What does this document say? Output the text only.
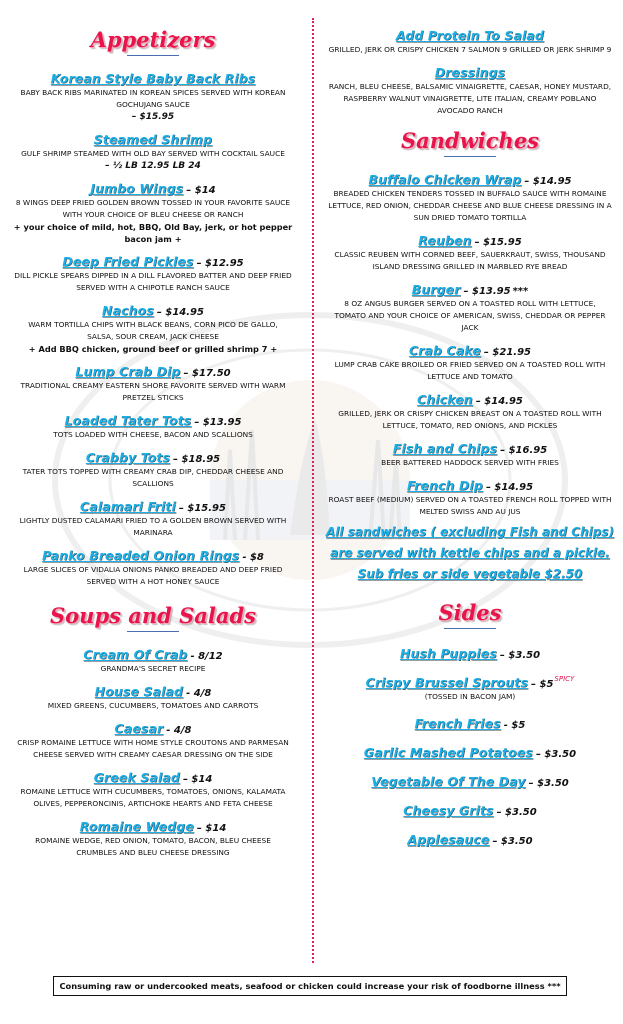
Appetizers
Korean Style Baby Back Ribs
BABY BACK RIBS MARINATED IN KOREAN SPICES SERVED WITH KOREAN GOCHUJANG SAUCE
– $15.95
Steamed Shrimp
GULF SHRIMP STEAMED WITH OLD BAY SERVED WITH COCKTAIL SAUCE
– ½ LB 12.95 LB 24
Jumbo Wings – $14
8 WINGS DEEP FRIED GOLDEN BROWN TOSSED IN YOUR FAVORITE SAUCE WITH YOUR CHOICE OF BLEU CHEESE OR RANCH
+ your choice of mild, hot, BBQ, Old Bay, jerk, or hot pepper bacon jam +
Deep Fried Pickles – $12.95
DILL PICKLE SPEARS DIPPED IN A DILL FLAVORED BATTER AND DEEP FRIED SERVED WITH A CHIPOTLE RANCH SAUCE
Nachos – $14.95
WARM TORTILLA CHIPS WITH BLACK BEANS, CORN PICO DE GALLO, SALSA, SOUR CREAM, JACK CHEESE
+ Add BBQ chicken, ground beef or grilled shrimp 7 +
Lump Crab Dip – $17.50
TRADITIONAL CREAMY EASTERN SHORE FAVORITE SERVED WITH WARM PRETZEL STICKS
Loaded Tater Tots – $13.95
TOTS LOADED WITH CHEESE, BACON AND SCALLIONS
Crabby Tots – $18.95
TATER TOTS TOPPED WITH CREAMY CRAB DIP, CHEDDAR CHEESE AND SCALLIONS
Calamari Friti – $15.95
LIGHTLY DUSTED CALAMARI FRIED TO A GOLDEN BROWN SERVED WITH MARINARA
Panko Breaded Onion Rings - $8
LARGE SLICES OF VIDALIA ONIONS PANKO BREADED AND DEEP FRIED SERVED WITH A HOT HONEY SAUCE
Soups and Salads
Cream Of Crab - 8/12
GRANDMA'S SECRET RECIPE
House Salad - 4/8
MIXED GREENS, CUCUMBERS, TOMATOES AND CARROTS
Caesar - 4/8
CRISP ROMAINE LETTUCE WITH HOME STYLE CROUTONS AND PARMESAN CHEESE SERVED WITH CREAMY CAESAR DRESSING ON THE SIDE
Greek Salad – $14
ROMAINE LETTUCE WITH CUCUMBERS, TOMATOES, ONIONS, KALAMATA OLIVES, PEPPERONCINIS, ARTICHOKE HEARTS AND FETA CHEESE
Romaine Wedge – $14
ROMAINE WEDGE, RED ONION, TOMATO, BACON, BLEU CHEESE CRUMBLES AND BLEU CHEESE DRESSING
Add Protein To Salad
GRILLED, JERK OR CRISPY CHICKEN 7 SALMON 9 GRILLED OR JERK SHRIMP 9
Dressings
RANCH, BLEU CHEESE, BALSAMIC VINAIGRETTE, CAESAR, HONEY MUSTARD, RASPBERRY WALNUT VINAIGRETTE, LITE ITALIAN, CREAMY POBLANO AVOCADO RANCH
Sandwiches
Buffalo Chicken Wrap – $14.95
BREADED CHICKEN TENDERS TOSSED IN BUFFALO SAUCE WITH ROMAINE LETTUCE, RED ONION, CHEDDAR CHEESE AND BLUE CHEESE DRESSING IN A SUN DRIED TOMATO TORTILLA
Reuben – $15.95
CLASSIC REUBEN WITH CORNED BEEF, SAUERKRAUT, SWISS, THOUSAND ISLAND DRESSING GRILLED IN MARBLED RYE BREAD
Burger – $13.95 ***
8 OZ ANGUS BURGER SERVED ON A TOASTED ROLL WITH LETTUCE, TOMATO AND YOUR CHOICE OF AMERICAN, SWISS, CHEDDAR OR PEPPER JACK
Crab Cake – $21.95
LUMP CRAB CAKE BROILED OR FRIED SERVED ON A TOASTED ROLL WITH LETTUCE AND TOMATO
Chicken – $14.95
GRILLED, JERK OR CRISPY CHICKEN BREAST ON A TOASTED ROLL WITH LETTUCE, TOMATO, RED ONIONS, AND PICKLES
Fish and Chips – $16.95
BEER BATTERED HADDOCK SERVED WITH FRIES
French Dip – $14.95
ROAST BEEF (MEDIUM) SERVED ON A TOASTED FRENCH ROLL TOPPED WITH MELTED SWISS AND AU JUS
All sandwiches ( excluding Fish and Chips) are served with kettle chips and a pickle. Sub fries or side vegetable $2.50
Sides
Hush Puppies – $3.50
Crispy Brussel Sprouts – $\$5^{SPICY}$
(TOSSED IN BACON JAM)
French Fries - $5
Garlic Mashed Potatoes – $3.50
Vegetable Of The Day – $3.50
Cheesy Grits – $3.50
Applesauce – $3.50
Consuming raw or undercooked meats, seafood or chicken could increase your risk of foodborne illness ***
